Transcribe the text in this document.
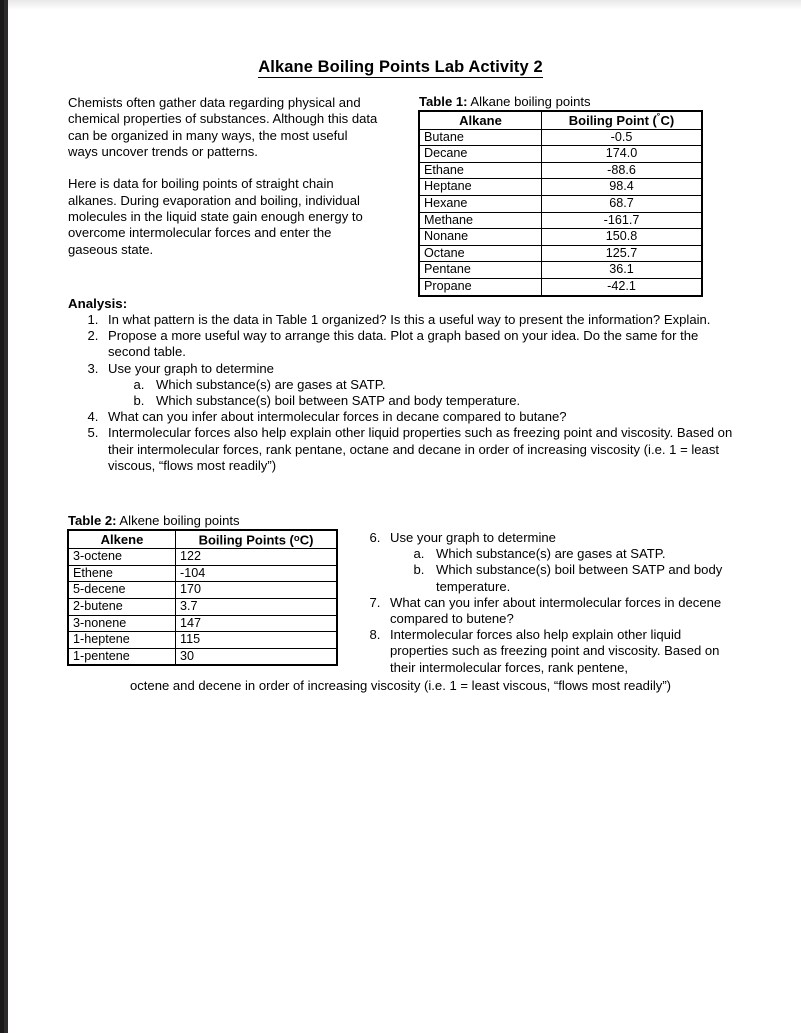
Alkane Boiling Points Lab Activity 2

Chemists often gather data regarding physical and chemical properties of substances. Although this data can be organized in many ways, the most useful ways uncover trends or patterns.

Here is data for boiling points of straight chain alkanes. During evaporation and boiling, individual molecules in the liquid state gain enough energy to overcome intermolecular forces and enter the gaseous state.

Table 1: Alkane boiling points
Alkane	Boiling Point (˚C)
Butane	-0.5
Decane	174.0
Ethane	-88.6
Heptane	98.4
Hexane	68.7
Methane	-161.7
Nonane	150.8
Octane	125.7
Pentane	36.1
Propane	-42.1
Analysis:
1. In what pattern is the data in Table 1 organized? Is this a useful way to present the information? Explain.
2. Propose a more useful way to arrange this data. Plot a graph based on your idea. Do the same for the second table.
3. Use your graph to determine
a. Which substance(s) are gases at SATP.
b. Which substance(s) boil between SATP and body temperature.
4. What can you infer about intermolecular forces in decane compared to butane?
5. Intermolecular forces also help explain other liquid properties such as freezing point and viscosity. Based on their intermolecular forces, rank pentane, octane and decane in order of increasing viscosity (i.e. 1 = least viscous, “flows most readily”)
Table 2: Alkene boiling points
Alkene	Boiling Points ($^o$C)
3-octene	122
Ethene	-104
5-decene	170
2-butene	3.7
3-nonene	147
1-heptene	115
1-pentene	30
6. Use your graph to determine
a. Which substance(s) are gases at SATP.
b. Which substance(s) boil between SATP and body temperature.
7. What can you infer about intermolecular forces in decene compared to butene?
8. Intermolecular forces also help explain other liquid properties such as freezing point and viscosity. Based on their intermolecular forces, rank pentene,
octene and decene in order of increasing viscosity (i.e. 1 = least viscous, “flows most readily”)
